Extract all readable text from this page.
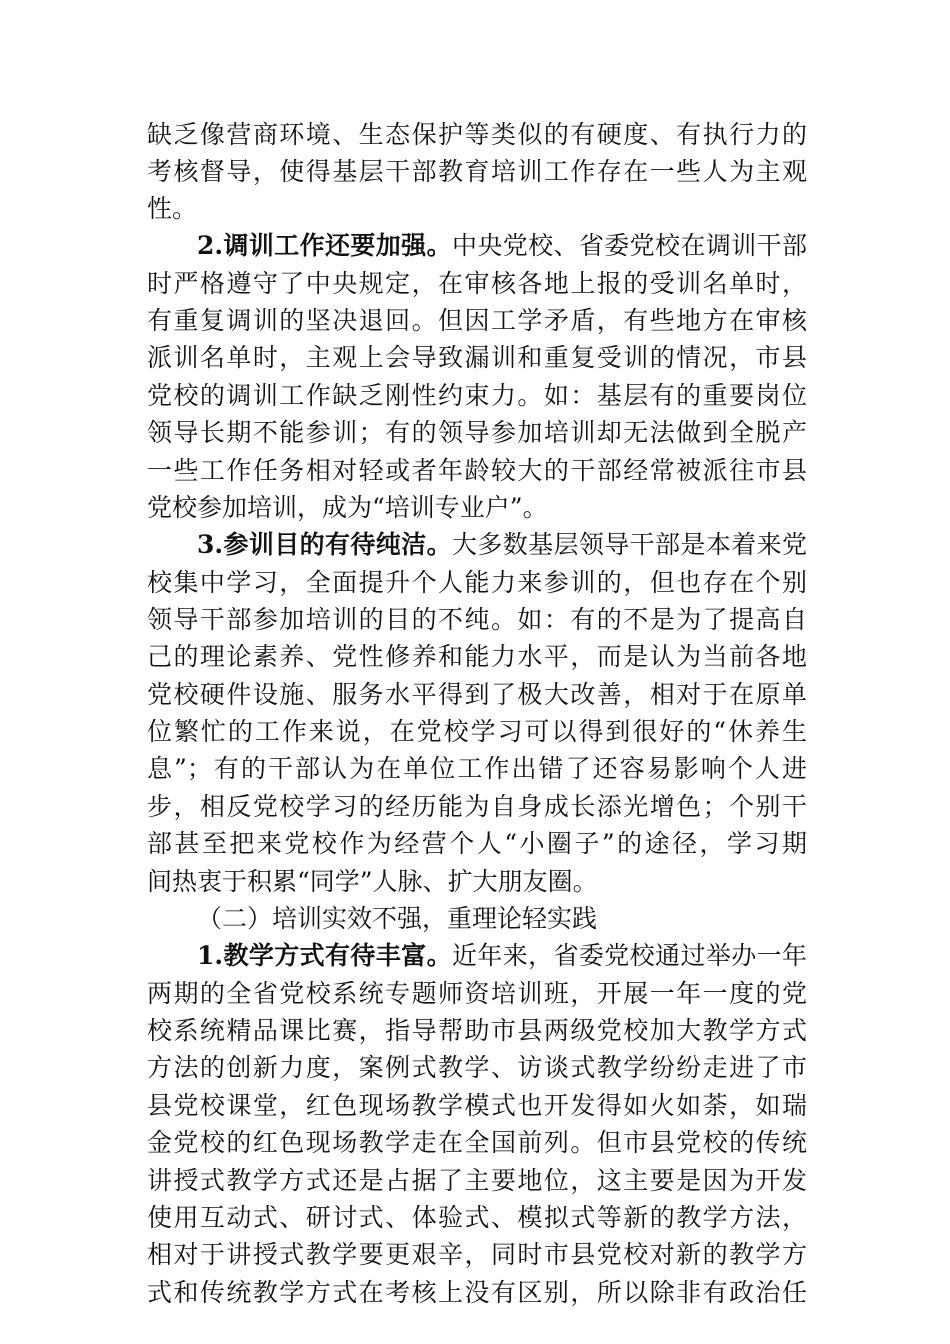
缺乏像营商环境、生态保护等类似的有硬度、有执行力的

考核督导，使得基层干部教育培训工作存在一些人为主观

性。

2.调训工作还要加强。中央党校、省委党校在调训干部

时严格遵守了中央规定，在审核各地上报的受训名单时，

有重复调训的坚决退回。但因工学矛盾，有些地方在审核

派训名单时，主观上会导致漏训和重复受训的情况，市县

党校的调训工作缺乏刚性约束力。如：基层有的重要岗位

领导长期不能参训；有的领导参加培训却无法做到全脱产

一些工作任务相对轻或者年龄较大的干部经常被派往市县

党校参加培训，成为“培训专业户”。

3.参训目的有待纯洁。大多数基层领导干部是本着来党

校集中学习，全面提升个人能力来参训的，但也存在个别

领导干部参加培训的目的不纯。如：有的不是为了提高自

己的理论素养、党性修养和能力水平，而是认为当前各地

党校硬件设施、服务水平得到了极大改善，相对于在原单

位繁忙的工作来说，在党校学习可以得到很好的“休养生

息”；有的干部认为在单位工作出错了还容易影响个人进

步，相反党校学习的经历能为自身成长添光增色；个别干

部甚至把来党校作为经营个人“小圈子”的途径，学习期

间热衷于积累“同学”人脉、扩大朋友圈。

（二）培训实效不强，重理论轻实践

1.教学方式有待丰富。近年来，省委党校通过举办一年

两期的全省党校系统专题师资培训班，开展一年一度的党

校系统精品课比赛，指导帮助市县两级党校加大教学方式

方法的创新力度，案例式教学、访谈式教学纷纷走进了市

县党校课堂，红色现场教学模式也开发得如火如荼，如瑞

金党校的红色现场教学走在全国前列。但市县党校的传统

讲授式教学方式还是占据了主要地位，这主要是因为开发

使用互动式、研讨式、体验式、模拟式等新的教学方法，

相对于讲授式教学要更艰辛，同时市县党校对新的教学方

式和传统教学方式在考核上没有区别，所以除非有政治任
